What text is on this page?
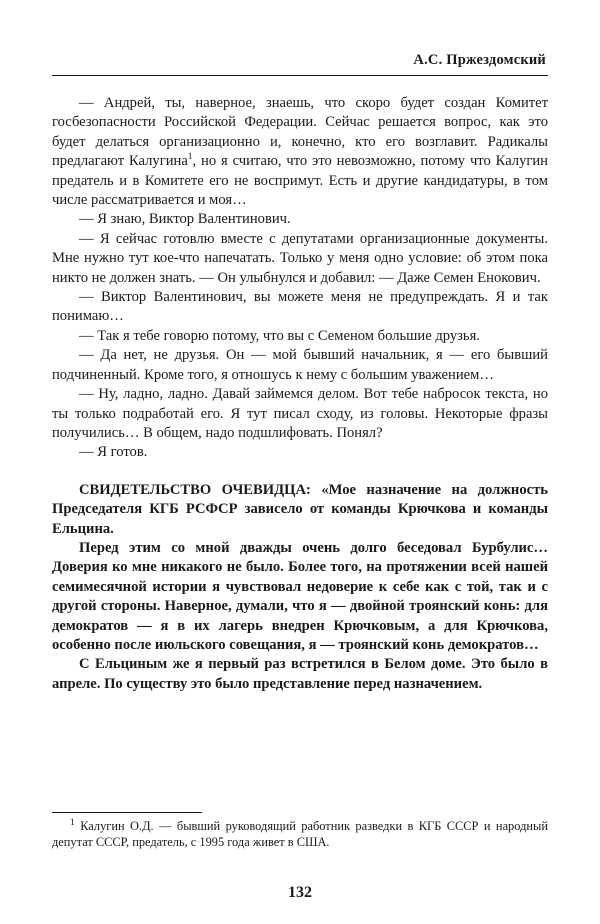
А.С. Пржездомский

— Андрей, ты, наверное, знаешь, что скоро будет создан Комитет госбезопасности Российской Федерации. Сейчас решается вопрос, как это будет делаться организационно и, конечно, кто его возглавит. Радикалы предлагают Калугина$^1$, но я считаю, что это невозможно, потому что Калугин предатель и в Комитете его не воспримут. Есть и другие кандидатуры, в том числе рассматривается и моя…

— Я знаю, Виктор Валентинович.

— Я сейчас готовлю вместе с депутатами организационные документы. Мне нужно тут кое-что напечатать. Только у меня одно условие: об этом пока никто не должен знать. — Он улыбнулся и добавил: — Даже Семен Енокович.

— Виктор Валентинович, вы можете меня не предупреждать. Я и так понимаю…

— Так я тебе говорю потому, что вы с Семеном большие друзья.

— Да нет, не друзья. Он — мой бывший начальник, я — его бывший подчиненный. Кроме того, я отношусь к нему с большим уважением…

— Ну, ладно, ладно. Давай займемся делом. Вот тебе набросок текста, но ты только подработай его. Я тут писал сходу, из головы. Некоторые фразы получились… В общем, надо подшлифовать. Понял?

— Я готов.

СВИДЕТЕЛЬСТВО ОЧЕВИДЦА: «Мое назначение на должность Председателя КГБ РСФСР зависело от команды Крючкова и команды Ельцина.

Перед этим со мной дважды очень долго беседовал Бурбулис… Доверия ко мне никакого не было. Более того, на протяжении всей нашей семимесячной истории я чувствовал недоверие к себе как с той, так и с другой стороны. Наверное, думали, что я — двойной троянский конь: для демократов — я в их лагерь внедрен Крючковым, а для Крючкова, особенно после июльского совещания, я — троянский конь демократов…

С Ельциным же я первый раз встретился в Белом доме. Это было в апреле. По существу это было представление перед назначением.

$^1$ Калугин О.Д. — бывший руководящий работник разведки в КГБ СССР и народный депутат СССР, предатель, с 1995 года живет в США.

132
